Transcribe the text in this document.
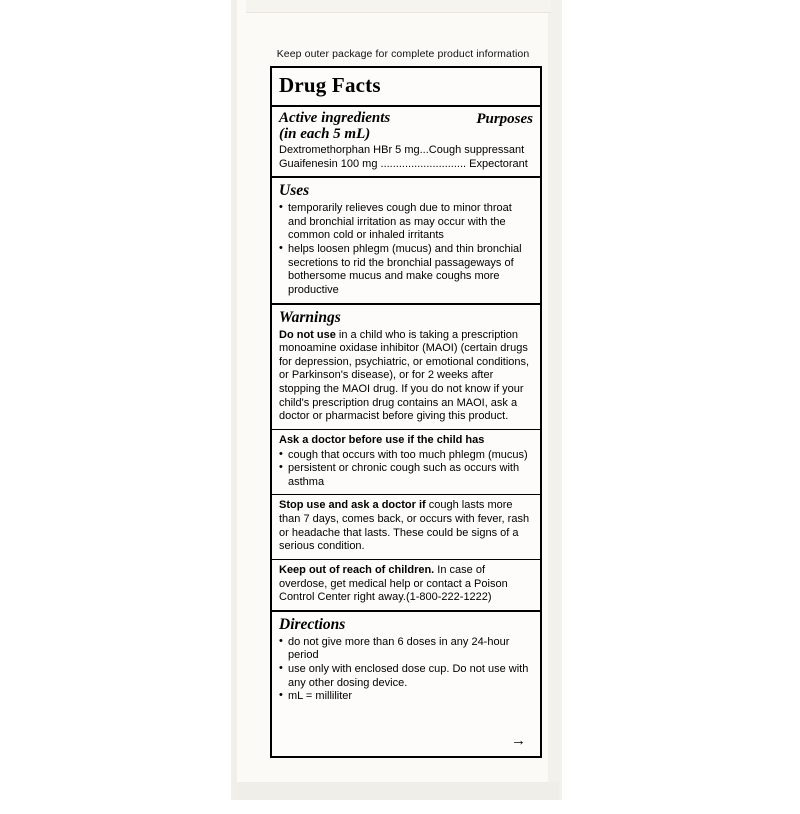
Keep outer package for complete product information
Drug Facts
Active ingredients
(in each 5 mL)
Purposes
Dextromethorphan HBr 5 mg...Cough suppressant
Guaifenesin 100 mg ............................ Expectorant
Uses
• temporarily relieves cough due to minor throat and bronchial irritation as may occur with the common cold or inhaled irritants
• helps loosen phlegm (mucus) and thin bronchial secretions to rid the bronchial passageways of bothersome mucus and make coughs more productive
Warnings
Do not use in a child who is taking a prescription monoamine oxidase inhibitor (MAOI) (certain drugs for depression, psychiatric, or emotional conditions, or Parkinson's disease), or for 2 weeks after stopping the MAOI drug. If you do not know if your child's prescription drug contains an MAOI, ask a doctor or pharmacist before giving this product.
Ask a doctor before use if the child has
• cough that occurs with too much phlegm (mucus)
• persistent or chronic cough such as occurs with asthma
Stop use and ask a doctor if cough lasts more than 7 days, comes back, or occurs with fever, rash or headache that lasts. These could be signs of a serious condition.
Keep out of reach of children. In case of overdose, get medical help or contact a Poison Control Center right away.(1-800-222-1222)
Directions
• do not give more than 6 doses in any 24-hour period
• use only with enclosed dose cup. Do not use with any other dosing device.
• mL = milliliter
→
